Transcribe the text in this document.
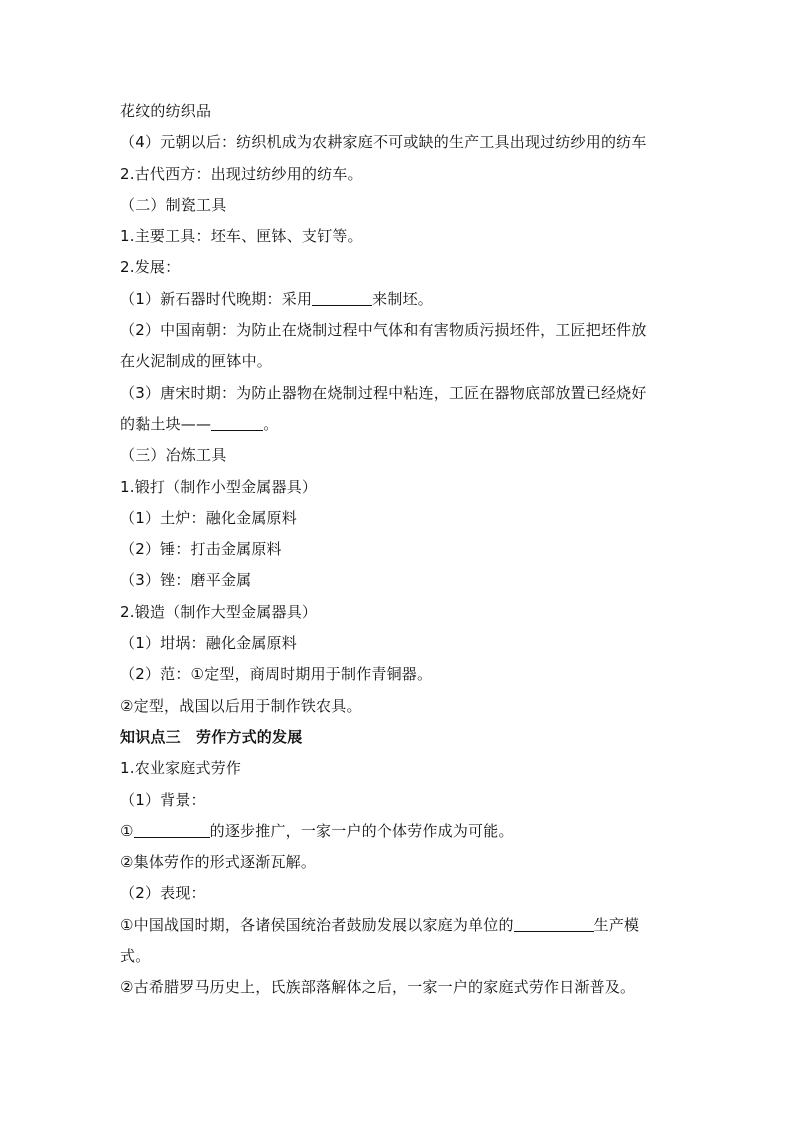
花纹的纺织品
（4）元朝以后：纺织机成为农耕家庭不可或缺的生产工具出现过纺纱用的纺车
2.古代西方：出现过纺纱用的纺车。
（二）制瓷工具
1.主要工具：坯车、匣钵、支钉等。
2.发展：
（1）新石器时代晚期：采用	来制坯。
（2）中国南朝：为防止在烧制过程中气体和有害物质污损坯件，工匠把坯件放
在火泥制成的匣钵中。
（3）唐宋时期：为防止器物在烧制过程中粘连，工匠在器物底部放置已经烧好
的黏土块——	。
（三）冶炼工具
1.锻打（制作小型金属器具）
（1）土炉：融化金属原料
（2）锤：打击金属原料
（3）锉：磨平金属
2.锻造（制作大型金属器具）
（1）坩埚：融化金属原料
（2）范：①定型，商周时期用于制作青铜器。
②定型，战国以后用于制作铁农具。
知识点三　劳作方式的发展
1.农业家庭式劳作
（1）背景：
①	的逐步推广，一家一户的个体劳作成为可能。
②集体劳作的形式逐渐瓦解。
（2）表现：
①中国战国时期，各诸侯国统治者鼓励发展以家庭为单位的	生产模
式。
②古希腊罗马历史上，氏族部落解体之后，一家一户的家庭式劳作日渐普及。
